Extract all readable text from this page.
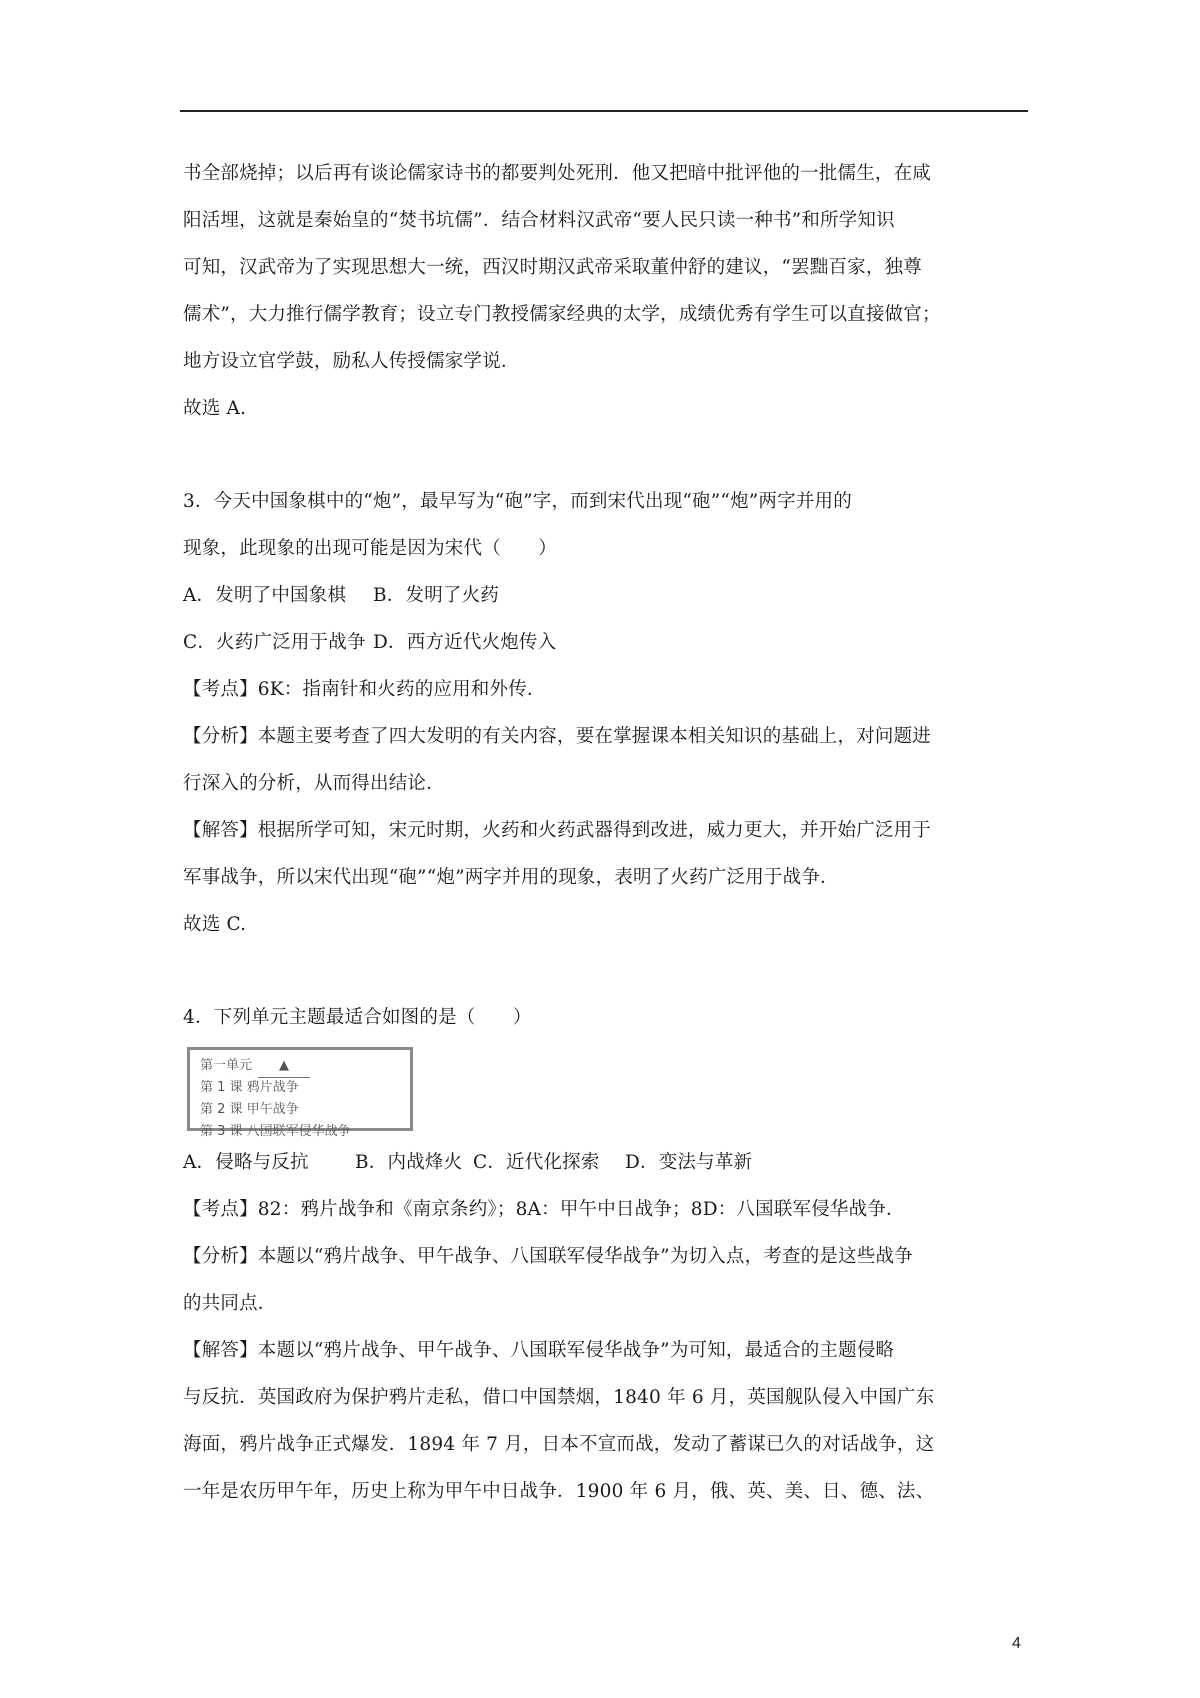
书全部烧掉；以后再有谈论儒家诗书的都要判处死刑．他又把暗中批评他的一批儒生，在咸
阳活埋，这就是秦始皇的“焚书坑儒”．结合材料汉武帝“要人民只读一种书”和所学知识
可知，汉武帝为了实现思想大一统，西汉时期汉武帝采取董仲舒的建议，“罢黜百家，独尊
儒术”，大力推行儒学教育；设立专门教授儒家经典的太学，成绩优秀有学生可以直接做官；
地方设立官学鼓，励私人传授儒家学说．
故选 A.
3．今天中国象棋中的“炮”，最早写为“砲”字，而到宋代出现“砲”“炮”两字并用的
现象，此现象的出现可能是因为宋代（　　）
A．发明了中国象棋	B．发明了火药
C．火药广泛用于战争 D．西方近代火炮传入
【考点】6K：指南针和火药的应用和外传．
【分析】本题主要考查了四大发明的有关内容，要在掌握课本相关知识的基础上，对问题进
行深入的分析，从而得出结论．
【解答】根据所学可知，宋元时期，火药和火药武器得到改进，威力更大，并开始广泛用于
军事战争，所以宋代出现“砲”“炮”两字并用的现象，表明了火药广泛用于战争．
故选 C.
4．下列单元主题最适合如图的是（　　）
第一单元 ▲
第 1 课 鸦片战争
第 2 课 甲午战争
第 3 课 八国联军侵华战争
A．侵略与反抗	B．内战烽火 C．近代化探索	D．变法与革新
【考点】82：鸦片战争和《南京条约》；8A：甲午中日战争；8D：八国联军侵华战争．
【分析】本题以“鸦片战争、甲午战争、八国联军侵华战争”为切入点，考查的是这些战争
的共同点．
【解答】本题以“鸦片战争、甲午战争、八国联军侵华战争”为可知，最适合的主题侵略
与反抗．英国政府为保护鸦片走私，借口中国禁烟，1840 年 6 月，英国舰队侵入中国广东
海面，鸦片战争正式爆发．1894 年 7 月，日本不宣而战，发动了蓄谋已久的对话战争，这
一年是农历甲午年，历史上称为甲午中日战争．1900 年 6 月，俄、英、美、日、德、法、
4
